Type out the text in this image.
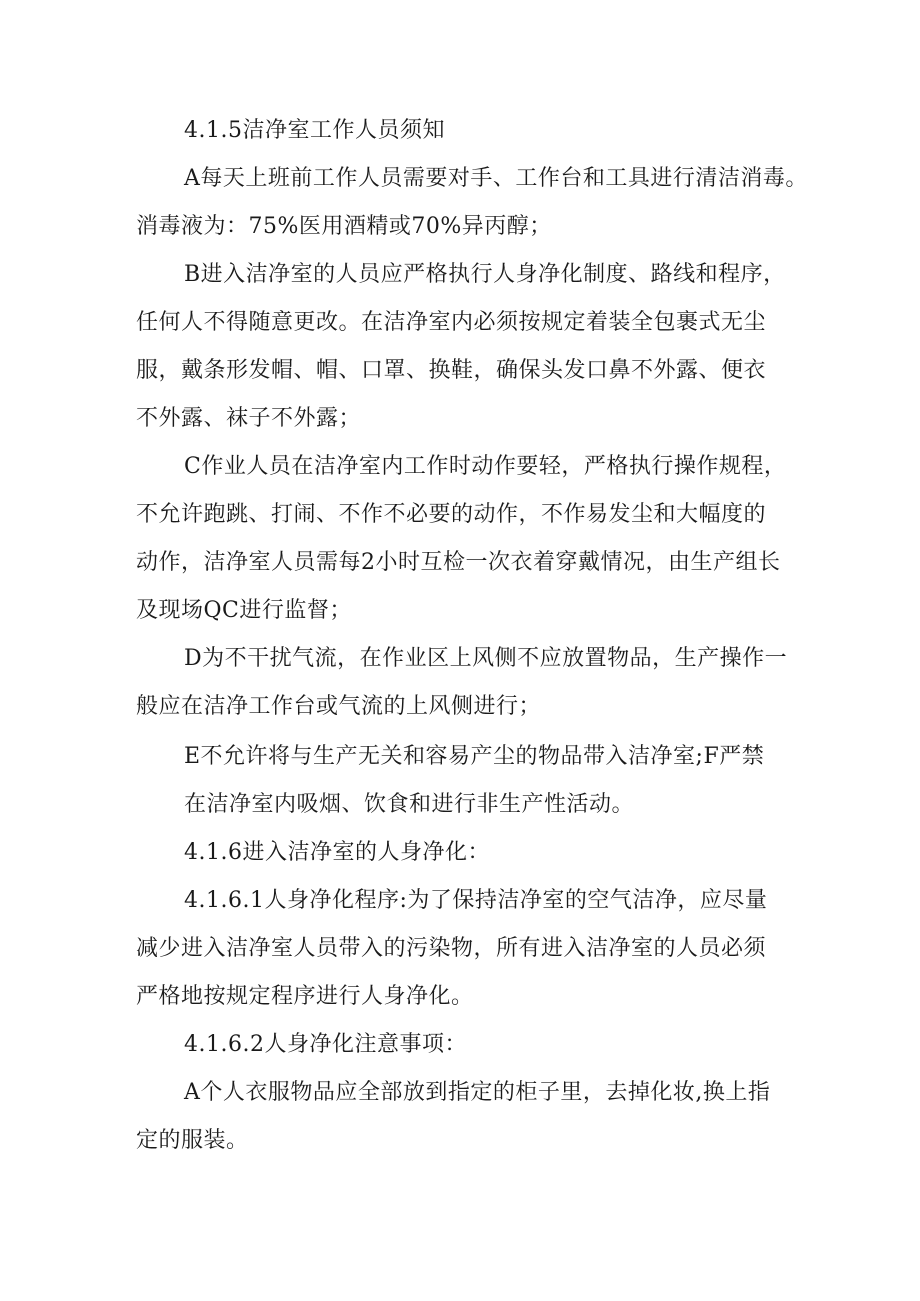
4.1.5洁净室工作人员须知
A每天上班前工作人员需要对手、工作台和工具进行清洁消毒。
消毒液为：75%医用酒精或70%异丙醇；
B进入洁净室的人员应严格执行人身净化制度、路线和程序，
任何人不得随意更改。在洁净室内必须按规定着装全包裹式无尘
服，戴条形发帽、帽、口罩、换鞋，确保头发口鼻不外露、便衣
不外露、袜子不外露；
C作业人员在洁净室内工作时动作要轻，严格执行操作规程，
不允许跑跳、打闹、不作不必要的动作，不作易发尘和大幅度的
动作，洁净室人员需每2小时互检一次衣着穿戴情况，由生产组长
及现场QC进行监督；
D为不干扰气流，在作业区上风侧不应放置物品，生产操作一
般应在洁净工作台或气流的上风侧进行；
E不允许将与生产无关和容易产尘的物品带入洁净室;F严禁
在洁净室内吸烟、饮食和进行非生产性活动。
4.1.6进入洁净室的人身净化：
4.1.6.1人身净化程序:为了保持洁净室的空气洁净，应尽量
减少进入洁净室人员带入的污染物，所有进入洁净室的人员必须
严格地按规定程序进行人身净化。
4.1.6.2人身净化注意事项：
A个人衣服物品应全部放到指定的柜子里，去掉化妆,换上指
定的服装。
